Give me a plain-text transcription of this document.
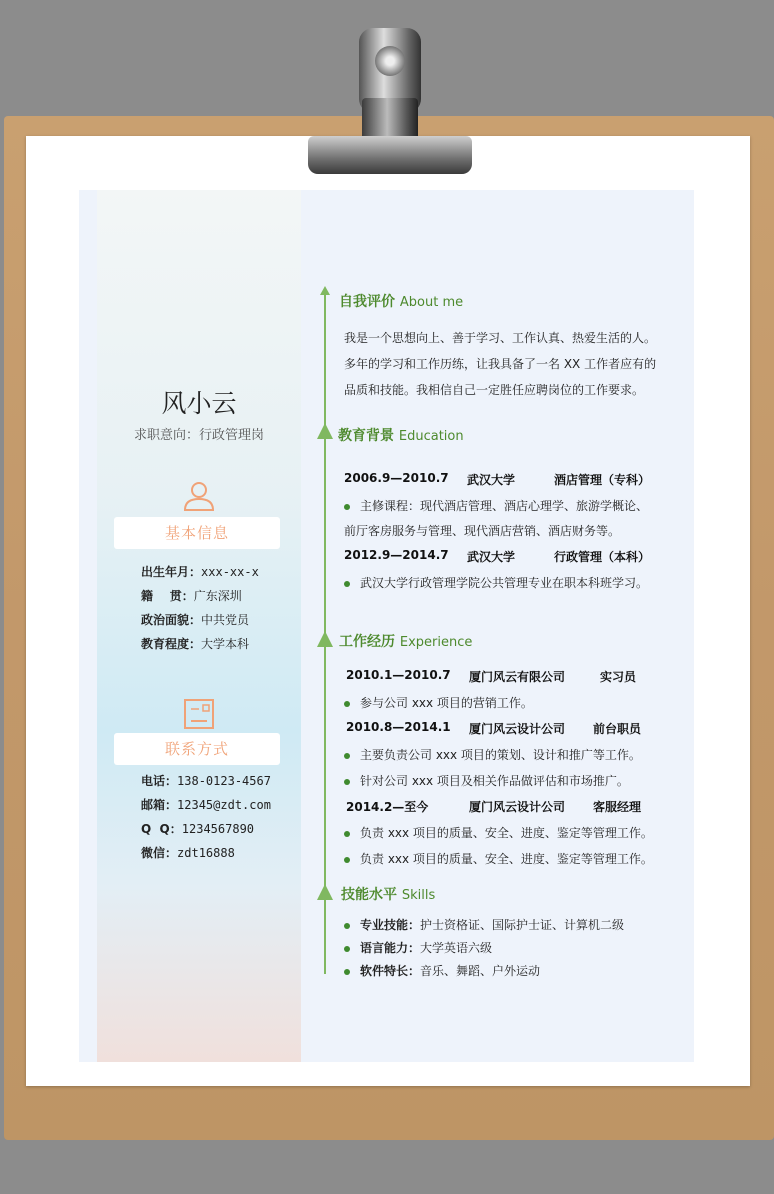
风小云
求职意向：行政管理岗
基本信息
出生年月：xxx-xx-x
籍    贯：广东深圳
政治面貌：中共党员
教育程度：大学本科
联系方式
电话：138-0123-4567
邮箱：12345@zdt.com
Q  Q：1234567890
微信：zdt16888
自我评价 About me
我是一个思想向上、善于学习、工作认真、热爱生活的人。
多年的学习和工作历练，让我具备了一名 XX 工作者应有的
品质和技能。我相信自己一定胜任应聘岗位的工作要求。
教育背景 Education
2006.9—2010.7 武汉大学	酒店管理（专科）
主修课程：现代酒店管理、酒店心理学、旅游学概论、
前厅客房服务与管理、现代酒店营销、酒店财务等。
2012.9—2014.7 武汉大学	行政管理（本科）
武汉大学行政管理学院公共管理专业在职本科班学习。
工作经历 Experience
2010.1—2010.7 厦门风云有限公司	实习员
参与公司 xxx 项目的营销工作。
2010.8—2014.1 厦门风云设计公司 前台职员
主要负责公司 xxx 项目的策划、设计和推广等工作。
针对公司 xxx 项目及相关作品做评估和市场推广。
2014.2—至今	厦门风云设计公司 客服经理
负责 xxx 项目的质量、安全、进度、鉴定等管理工作。
负责 xxx 项目的质量、安全、进度、鉴定等管理工作。
技能水平 Skills
专业技能：护士资格证、国际护士证、计算机二级
语言能力：大学英语六级
软件特长：音乐、舞蹈、户外运动
